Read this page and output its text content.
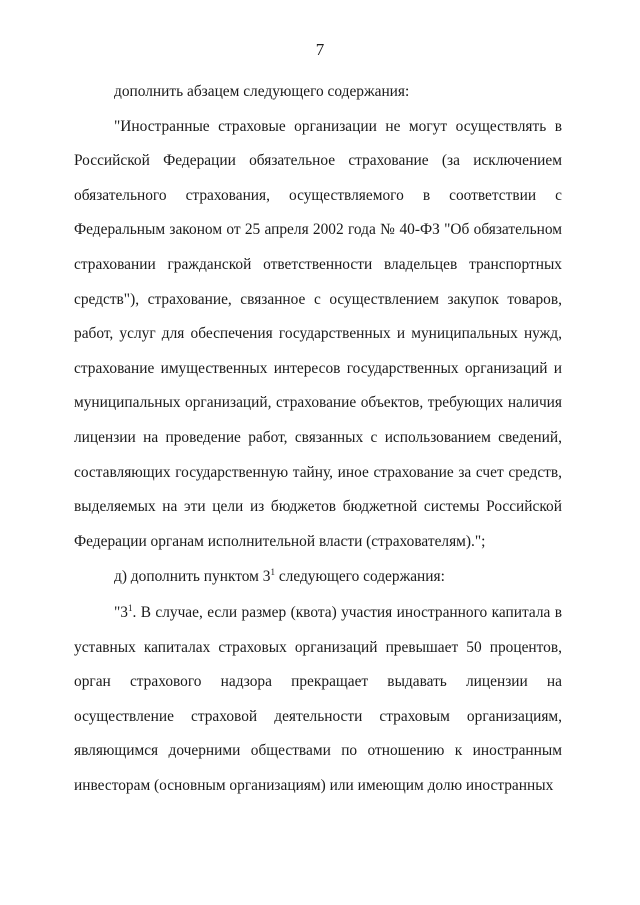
7

дополнить абзацем следующего содержания:

"Иностранные страховые организации не могут осуществлять в Российской Федерации обязательное страхование (за исключением обязательного страхования, осуществляемого в соответствии с Федеральным законом от 25 апреля 2002 года № 40-ФЗ "Об обязательном страховании гражданской ответственности владельцев транспортных средств"), страхование, связанное с осуществлением закупок товаров, работ, услуг для обеспечения государственных и муниципальных нужд, страхование имущественных интересов государственных организаций и муниципальных организаций, страхование объектов, требующих наличия лицензии на проведение работ, связанных с использованием сведений, составляющих государственную тайну, иное страхование за счет средств, выделяемых на эти цели из бюджетов бюджетной системы Российской Федерации органам исполнительной власти (страхователям).";

д) дополнить пунктом $3^1$ следующего содержания:

"$3^1$. В случае, если размер (квота) участия иностранного капитала в уставных капиталах страховых организаций превышает 50 процентов, орган страхового надзора прекращает выдавать лицензии на осуществление страховой деятельности страховым организациям, являющимся дочерними обществами по отношению к иностранным инвесторам (основным организациям) или имеющим долю иностранных
